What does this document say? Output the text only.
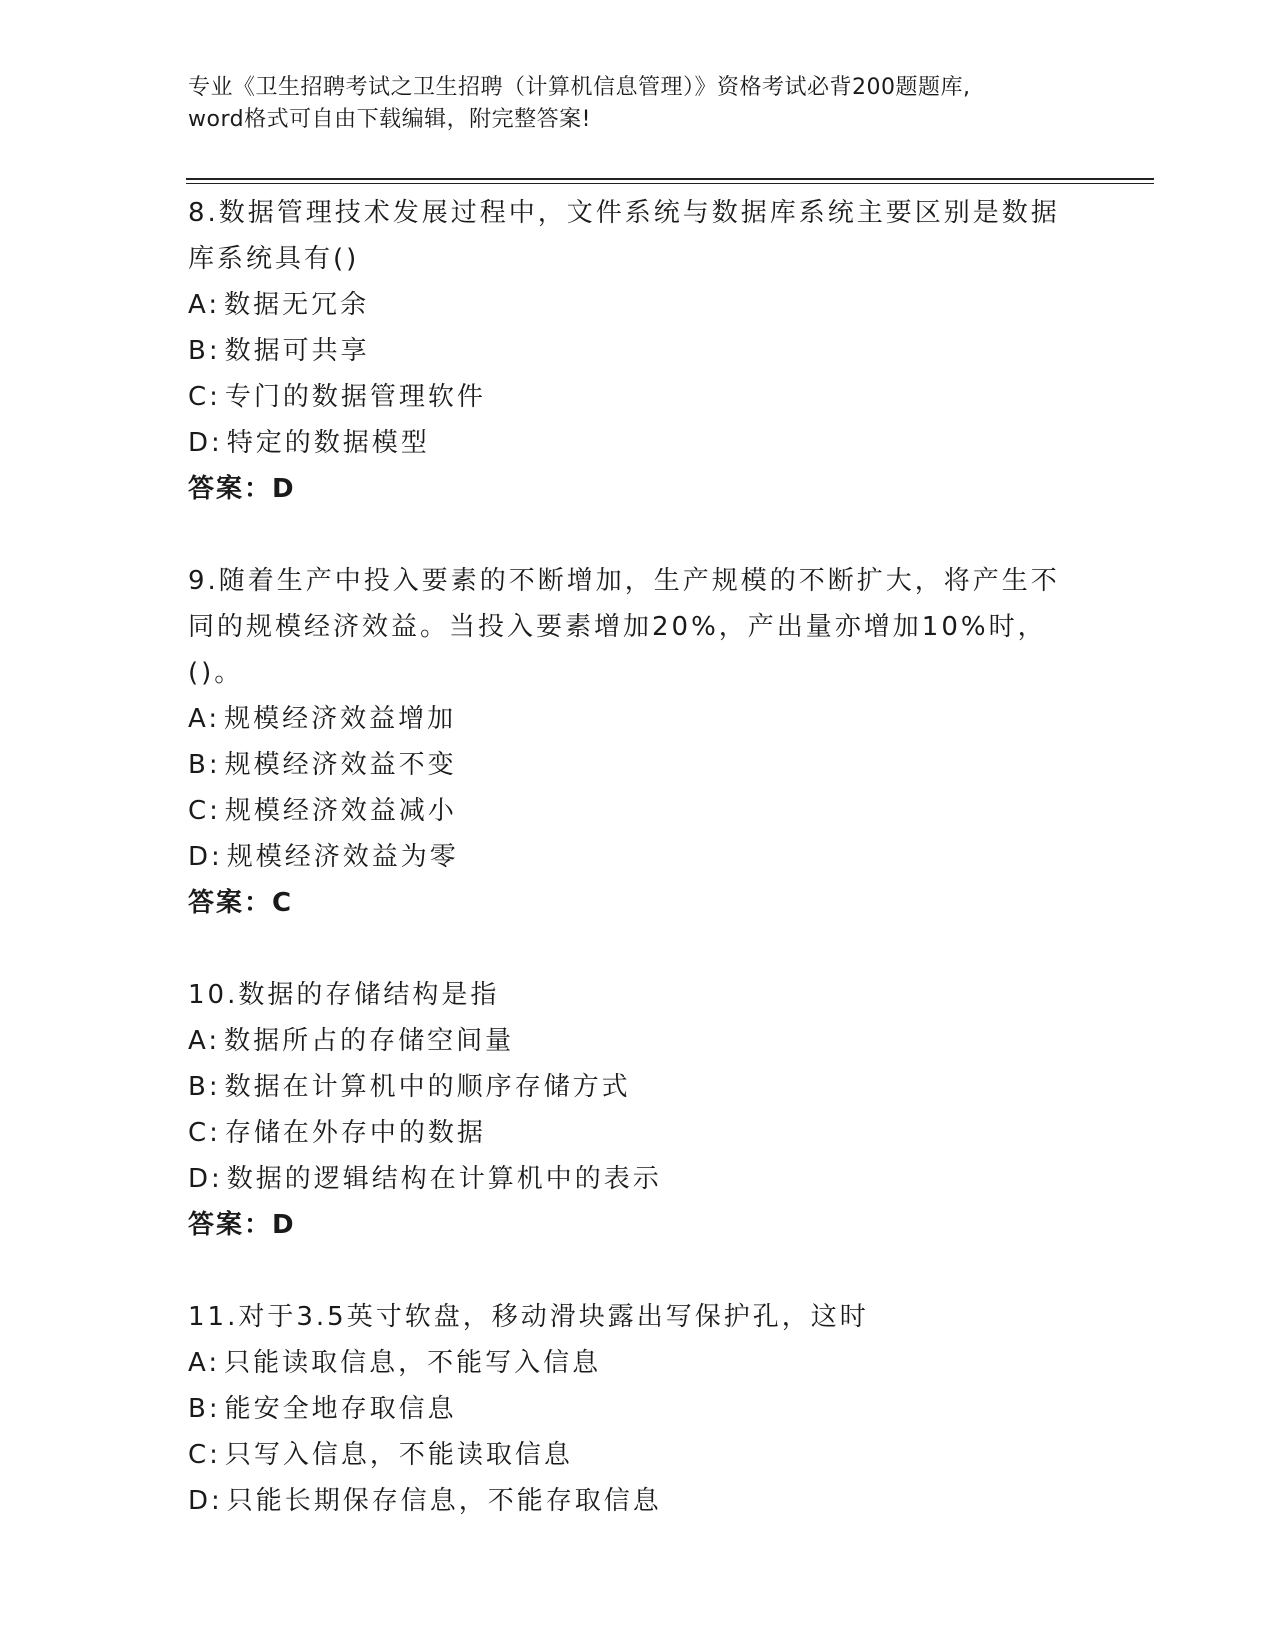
专业《卫生招聘考试之卫生招聘（计算机信息管理）》资格考试必背200题题库,
word格式可自由下载编辑，附完整答案!
8.数据管理技术发展过程中，文件系统与数据库系统主要区别是数据库系统具有()
A: 数据无冗余
B: 数据可共享
C: 专门的数据管理软件
D: 特定的数据模型
答案：D
9.随着生产中投入要素的不断增加，生产规模的不断扩大，将产生不同的规模经济效益。当投入要素增加20%，产出量亦增加10%时，()。
A: 规模经济效益增加
B: 规模经济效益不变
C: 规模经济效益减小
D: 规模经济效益为零
答案：C
10.数据的存储结构是指
A: 数据所占的存储空间量
B: 数据在计算机中的顺序存储方式
C: 存储在外存中的数据
D: 数据的逻辑结构在计算机中的表示
答案：D
11.对于3.5英寸软盘，移动滑块露出写保护孔，这时
A: 只能读取信息，不能写入信息
B: 能安全地存取信息
C: 只写入信息，不能读取信息
D: 只能长期保存信息，不能存取信息
